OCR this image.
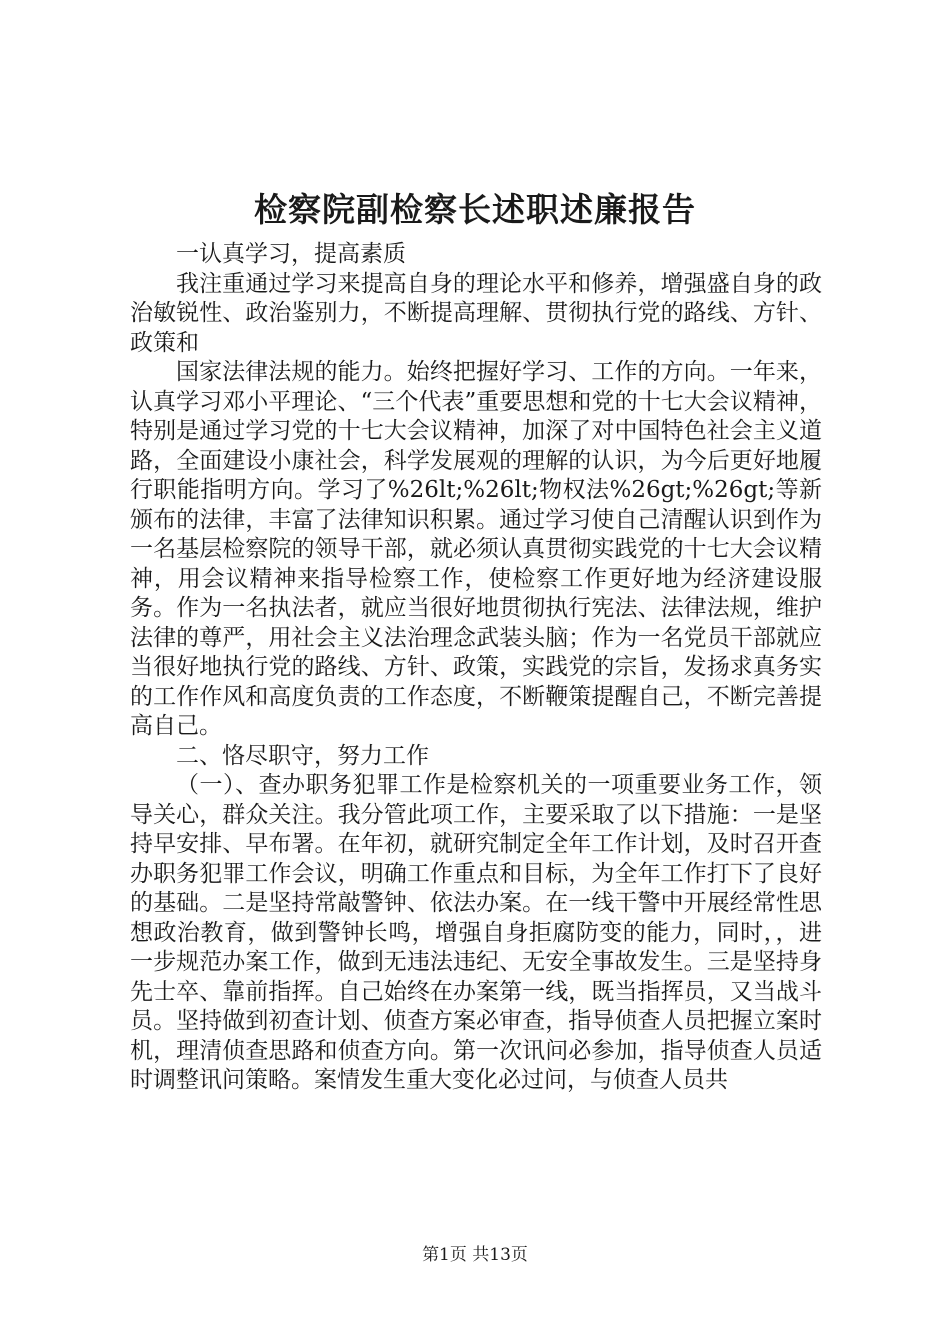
检察院副检察长述职述廉报告

一认真学习，提高素质

我注重通过学习来提高自身的理论水平和修养，增强盛自身的政治敏锐性、政治鉴别力，不断提高理解、贯彻执行党的路线、方针、政策和

国家法律法规的能力。始终把握好学习、工作的方向。一年来，认真学习邓小平理论、“三个代表”重要思想和党的十七大会议精神，特别是通过学习党的十七大会议精神，加深了对中国特色社会主义道路，全面建设小康社会，科学发展观的理解的认识，为今后更好地履行职能指明方向。学习了%26lt;%26lt;物权法%26gt;%26gt;等新颁布的法律，丰富了法律知识积累。通过学习使自己清醒认识到作为一名基层检察院的领导干部，就必须认真贯彻实践党的十七大会议精神，用会议精神来指导检察工作，使检察工作更好地为经济建设服务。作为一名执法者，就应当很好地贯彻执行宪法、法律法规，维护法律的尊严，用社会主义法治理念武装头脑；作为一名党员干部就应当很好地执行党的路线、方针、政策，实践党的宗旨，发扬求真务实的工作作风和高度负责的工作态度，不断鞭策提醒自己，不断完善提高自己。

二、恪尽职守，努力工作

（一）、查办职务犯罪工作是检察机关的一项重要业务工作，领导关心，群众关注。我分管此项工作，主要采取了以下措施：一是坚持早安排、早布署。在年初，就研究制定全年工作计划，及时召开查办职务犯罪工作会议，明确工作重点和目标，为全年工作打下了良好的基础。二是坚持常敲警钟、依法办案。在一线干警中开展经常性思想政治教育，做到警钟长鸣，增强自身拒腐防变的能力，同时，，进一步规范办案工作，做到无违法违纪、无安全事故发生。三是坚持身先士卒、靠前指挥。自己始终在办案第一线，既当指挥员，又当战斗员。坚持做到初查计划、侦查方案必审查，指导侦查人员把握立案时机，理清侦查思路和侦查方向。第一次讯问必参加，指导侦查人员适时调整讯问策略。案情发生重大变化必过问，与侦查人员共

第1页 共13页
